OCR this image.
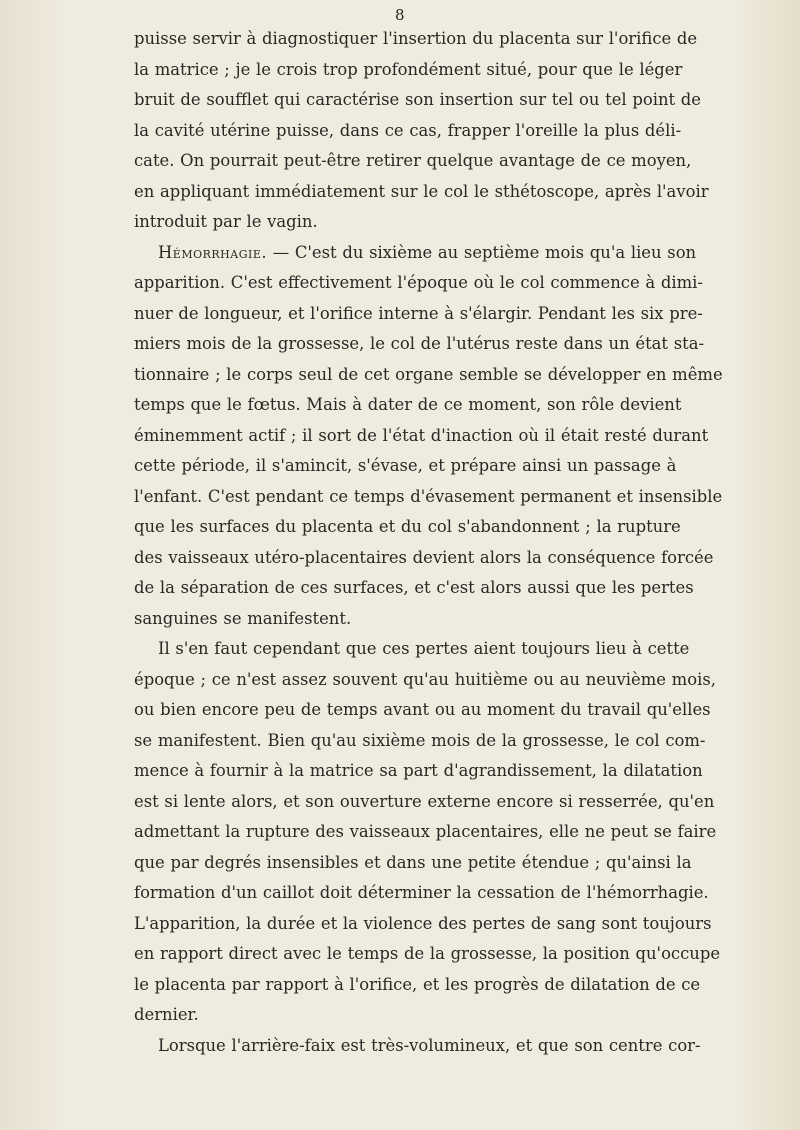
8
puisse servir à diagnostiquer l'insertion du placenta sur l'orifice de
la matrice ; je le crois trop profondément situé, pour que le léger
bruit de soufflet qui caractérise son insertion sur tel ou tel point de
la cavité utérine puisse, dans ce cas, frapper l'oreille la plus déli-
cate. On pourrait peut-être retirer quelque avantage de ce moyen,
en appliquant immédiatement sur le col le sthétoscope, après l'avoir
introduit par le vagin.
Hémorrhagie. — C'est du sixième au septième mois qu'a lieu son
apparition. C'est effectivement l'époque où le col commence à dimi-
nuer de longueur, et l'orifice interne à s'élargir. Pendant les six pre-
miers mois de la grossesse, le col de l'utérus reste dans un état sta-
tionnaire ; le corps seul de cet organe semble se développer en même
temps que le fœtus. Mais à dater de ce moment, son rôle devient
éminemment actif ; il sort de l'état d'inaction où il était resté durant
cette période, il s'amincit, s'évase, et prépare ainsi un passage à
l'enfant. C'est pendant ce temps d'évasement permanent et insensible
que les surfaces du placenta et du col s'abandonnent ; la rupture
des vaisseaux utéro-placentaires devient alors la conséquence forcée
de la séparation de ces surfaces, et c'est alors aussi que les pertes
sanguines se manifestent.
Il s'en faut cependant que ces pertes aient toujours lieu à cette
époque ; ce n'est assez souvent qu'au huitième ou au neuvième mois,
ou bien encore peu de temps avant ou au moment du travail qu'elles
se manifestent. Bien qu'au sixième mois de la grossesse, le col com-
mence à fournir à la matrice sa part d'agrandissement, la dilatation
est si lente alors, et son ouverture externe encore si resserrée, qu'en
admettant la rupture des vaisseaux placentaires, elle ne peut se faire
que par degrés insensibles et dans une petite étendue ; qu'ainsi la
formation d'un caillot doit déterminer la cessation de l'hémorrhagie.
L'apparition, la durée et la violence des pertes de sang sont toujours
en rapport direct avec le temps de la grossesse, la position qu'occupe
le placenta par rapport à l'orifice, et les progrès de dilatation de ce
dernier.
Lorsque l'arrière-faix est très-volumineux, et que son centre cor-
